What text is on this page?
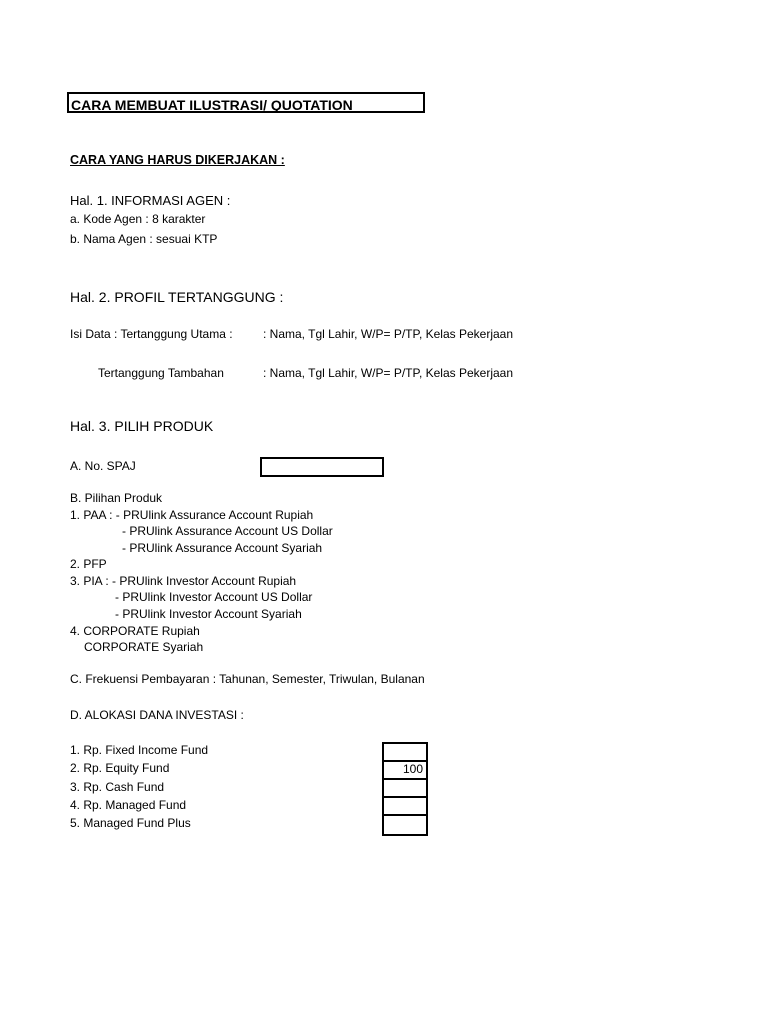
CARA MEMBUAT ILUSTRASI/ QUOTATION
CARA YANG HARUS DIKERJAKAN :
Hal. 1. INFORMASI AGEN :
a. Kode Agen : 8 karakter
b. Nama Agen : sesuai KTP
Hal. 2. PROFIL TERTANGGUNG :
Isi Data : Tertanggung Utama :	: Nama, Tgl Lahir, W/P= P/TP, Kelas Pekerjaan
Tertanggung Tambahan	: Nama, Tgl Lahir, W/P= P/TP, Kelas Pekerjaan
Hal. 3. PILIH PRODUK
A. No. SPAJ
B. Pilihan Produk
1. PAA : - PRUlink Assurance Account Rupiah
- PRUlink Assurance Account US Dollar
- PRUlink Assurance Account Syariah
2. PFP
3. PIA : - PRUlink Investor Account Rupiah
- PRUlink Investor Account US Dollar
- PRUlink Investor Account Syariah
4. CORPORATE Rupiah
CORPORATE Syariah
C. Frekuensi Pembayaran : Tahunan, Semester, Triwulan, Bulanan
D. ALOKASI DANA INVESTASI :
1. Rp. Fixed Income Fund
2. Rp. Equity Fund
3. Rp. Cash Fund
4. Rp. Managed Fund
5. Managed Fund Plus
100
